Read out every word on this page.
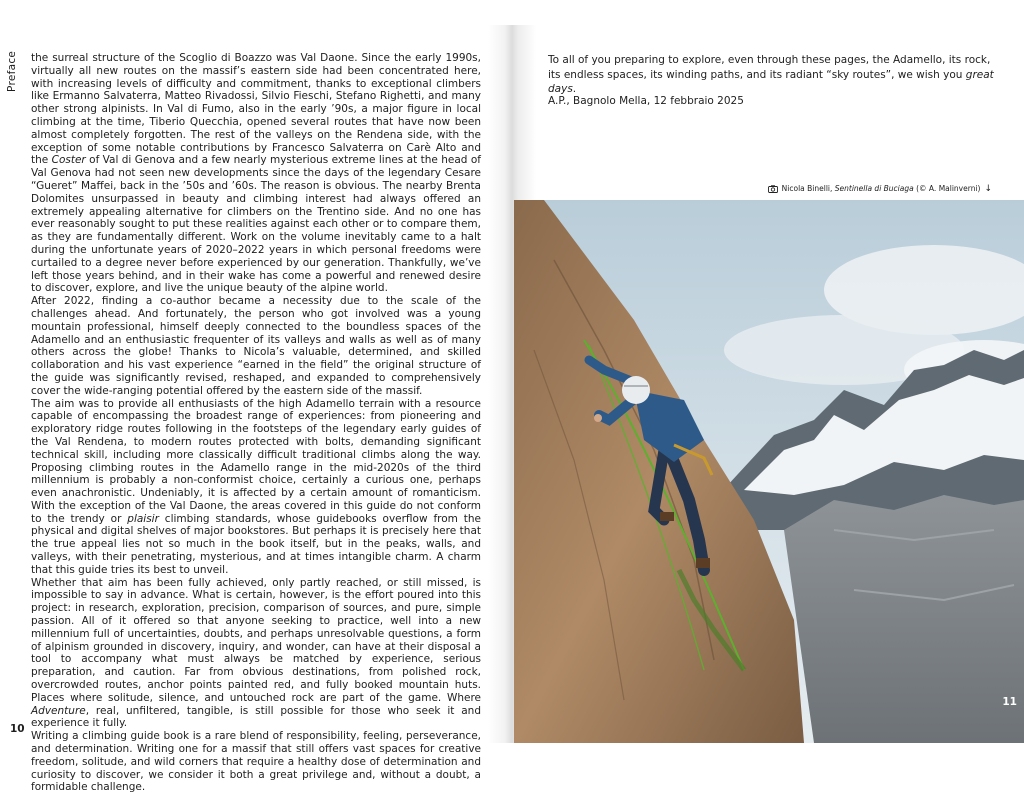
Preface the surreal structure of the Scoglio di Boazzo was Val Daone. Since the early 1990s, virtually all new routes on the massif’s eastern side had been concentrated here, with increasing levels of difficulty and commitment, thanks to exceptional climbers like Ermanno Salvaterra, Matteo Rivadossi, Silvio Fieschi, Stefano Righetti, and many other strong alpinists. In Val di Fumo, also in the early ’90s, a major figure in local climbing at the time, Tiberio Quecchia, opened several routes that have now been almost completely forgotten. The rest of the valleys on the Rendena side, with the exception of some notable contributions by Francesco Salvaterra on Carè Alto and the Coster of Val di Genova and a few nearly mysterious extreme lines at the head of Val Genova had not seen new developments since the days of the legendary Cesare “Gueret” Maffei, back in the ’50s and ’60s. The reason is obvious. The nearby Brenta Dolomites unsurpassed in beauty and climbing interest had always offered an extremely appealing alternative for climbers on the Trentino side. And no one has ever reasonably sought to put these realities against each other or to compare them, as they are fundamentally different. Work on the volume inevitably came to a halt during the unfortunate years of 2020–2022 years in which personal freedoms were curtailed to a degree never before experienced by our generation. Thankfully, we’ve left those years behind, and in their wake has come a powerful and renewed desire to discover, explore, and live the unique beauty of the alpine world.

After 2022, finding a co-author became a necessity due to the scale of the challenges ahead. And fortunately, the person who got involved was a young mountain professional, himself deeply connected to the boundless spaces of the Adamello and an enthusiastic frequenter of its valleys and walls as well as of many others across the globe! Thanks to Nicola’s valuable, determined, and skilled collaboration and his vast experience “earned in the field” the original structure of the guide was significantly revised, reshaped, and expanded to comprehensively cover the wide-ranging potential offered by the eastern side of the massif.

The aim was to provide all enthusiasts of the high Adamello terrain with a resource capable of encompassing the broadest range of experiences: from pioneering and exploratory ridge routes following in the footsteps of the legendary early guides of the Val Rendena, to modern routes protected with bolts, demanding significant technical skill, including more classically difficult traditional climbs along the way. Proposing climbing routes in the Adamello range in the mid-2020s of the third millennium is probably a non-conformist choice, certainly a curious one, perhaps even anachronistic. Undeniably, it is affected by a certain amount of romanticism. With the exception of the Val Daone, the areas covered in this guide do not conform to the trendy or plaisir climbing standards, whose guidebooks overflow from the physical and digital shelves of major bookstores. But perhaps it is precisely here that the true appeal lies not so much in the book itself, but in the peaks, walls, and valleys, with their penetrating, mysterious, and at times intangible charm. A charm that this guide tries its best to unveil.

Whether that aim has been fully achieved, only partly reached, or still missed, is impossible to say in advance. What is certain, however, is the effort poured into this project: in research, exploration, precision, comparison of sources, and pure, simple passion. All of it offered so that anyone seeking to practice, well into a new millennium full of uncertainties, doubts, and perhaps unresolvable questions, a form of alpinism grounded in discovery, inquiry, and wonder, can have at their disposal a tool to accompany what must always be matched by experience, serious preparation, and caution. Far from obvious destinations, from polished rock, overcrowded routes, anchor points painted red, and fully booked mountain huts. Places where solitude, silence, and untouched rock are part of the game. Where Adventure, real, unfiltered, tangible, is still possible for those who seek it and experience it fully.

Writing a climbing guide book is a rare blend of responsibility, feeling, perseverance, and determination. Writing one for a massif that still offers vast spaces for creative freedom, solitude, and wild corners that require a healthy dose of determination and curiosity to discover, we consider it both a great privilege and, without a doubt, a formidable challenge.

10

To all of you preparing to explore, even through these pages, the Adamello, its rock, its endless spaces, its winding paths, and its radiant “sky routes”, we wish you great days.

A.P., Bagnolo Mella, 12 febbraio 2025
Nicola Binelli, Sentinella di Buciaga (© A. Malinverni) ↓
11
